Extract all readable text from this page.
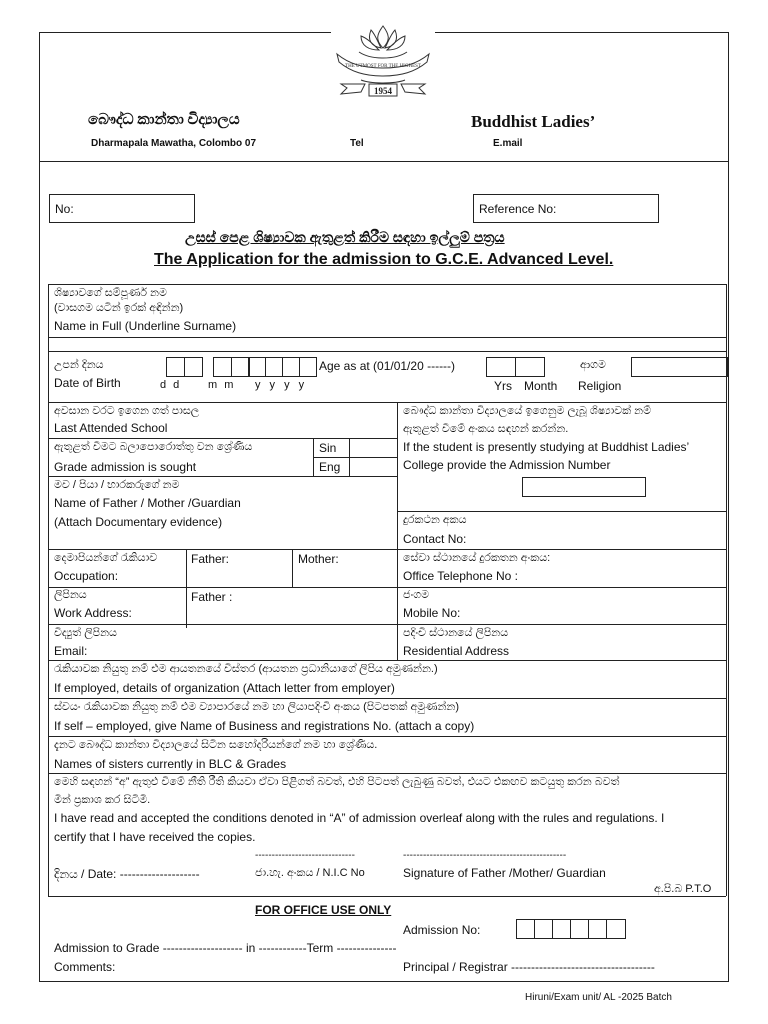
THE UTMOST FOR THE HIGHEST
1954
බෞද්ධ කාන්තා විද්‍යාලය	Buddhist Ladies’
Dharmapala Mawatha, Colombo 07	Tel	E.mail
No:	Reference No:
උසස් පෙළ ශිෂ්‍යාවක ඇතුළත් කිරීම සඳහා ඉල්ලුම් පත්‍රය
The Application for the admission to G.C.E. Advanced Level.
ශිෂ්‍යාවගේ සම්පූර්ණ නම
(වාසගම යටින් ඉරක් අඳින්න)
Name in Full (Underline Surname)
උපන් දිනය
Date of Birth	d d m m y y y y
Age as at (01/01/20 ------)
Yrs Month
ආගම
Religion
අවසාන වරට ඉගෙන ගත් පාසල
Last Attended School
ඇතුළත් වීමට බලාපොරොත්තු වන ශ්‍රේණිය
Grade admission is sought
Sin
Eng
බෞද්ධ කාන්තා විද්‍යාලයේ ඉගෙනුම ලැබූ ශිෂ්‍යාවක් නම්
ඇතුළත් වීමේ අංකය සඳහන් කරන්න.
If the student is presently studying at Buddhist Ladies’
College provide the Admission Number
මව / පියා / භාරකරුගේ නම
Name of Father / Mother /Guardian
(Attach Documentary evidence)	දුරකථන අකය
Contact No:
දෙමාපියන්ගේ රැකියාව
Occupation:
Father:	Mother:	සේවා ස්ථානයේ දුරකතන අංකය:
Office Telephone No :
ලිපිනය
Work Address:
Father :	ජංගම
Mobile No:
විද්‍යුත් ලිපිනය
Email:
පදිංචි ස්ථානයේ ලිපිනය
Residential Address
රැකියාවක නියුතු නම් එම ආයතනයේ විස්තර (ආයතන ප්‍රධානියාගේ ලිපිය අමුණන්න.)
If employed, details of organization (Attach letter from employer)
ස්වයං රැකියාවක නියුතු නම් එම ව්‍යාපාරයේ නම හා ලියාපදිංචි අංකය (පිටපතක් අමුණන්න)
If self – employed, give Name of Business and registrations No. (attach a copy)
දැනට බෞද්ධ කාන්තා විද්‍යාලයේ සිටින සහෝදරියන්ගේ නම හා ශ්‍රේණිය.
Names of sisters currently in BLC & Grades
මෙහි සඳහන් “අ” ඇතුළු වීමේ නීති රීති කියවා ඒවා පිළිගත් බවත්, එහි පිටපත් ලැබුණු බවත්, එයට එකඟව කටයුතු කරන බවත්
මින් ප්‍රකාශ කර සිටිමි.
I have read and accepted the conditions denoted in “A” of admission overleaf along with the rules and regulations. I
certify that I have received the copies.
------------------------------	-------------------------------------------------
දිනය / Date: --------------------	ජා.හැ. අංකය / N.I.C No	Signature of Father /Mother/ Guardian
අ.පි.බ P.T.O
FOR OFFICE USE ONLY
Admission No:
Admission to Grade -------------------- in ------------Term ---------------
Comments:	Principal / Registrar ------------------------------------
Hiruni/Exam unit/ AL -2025 Batch
